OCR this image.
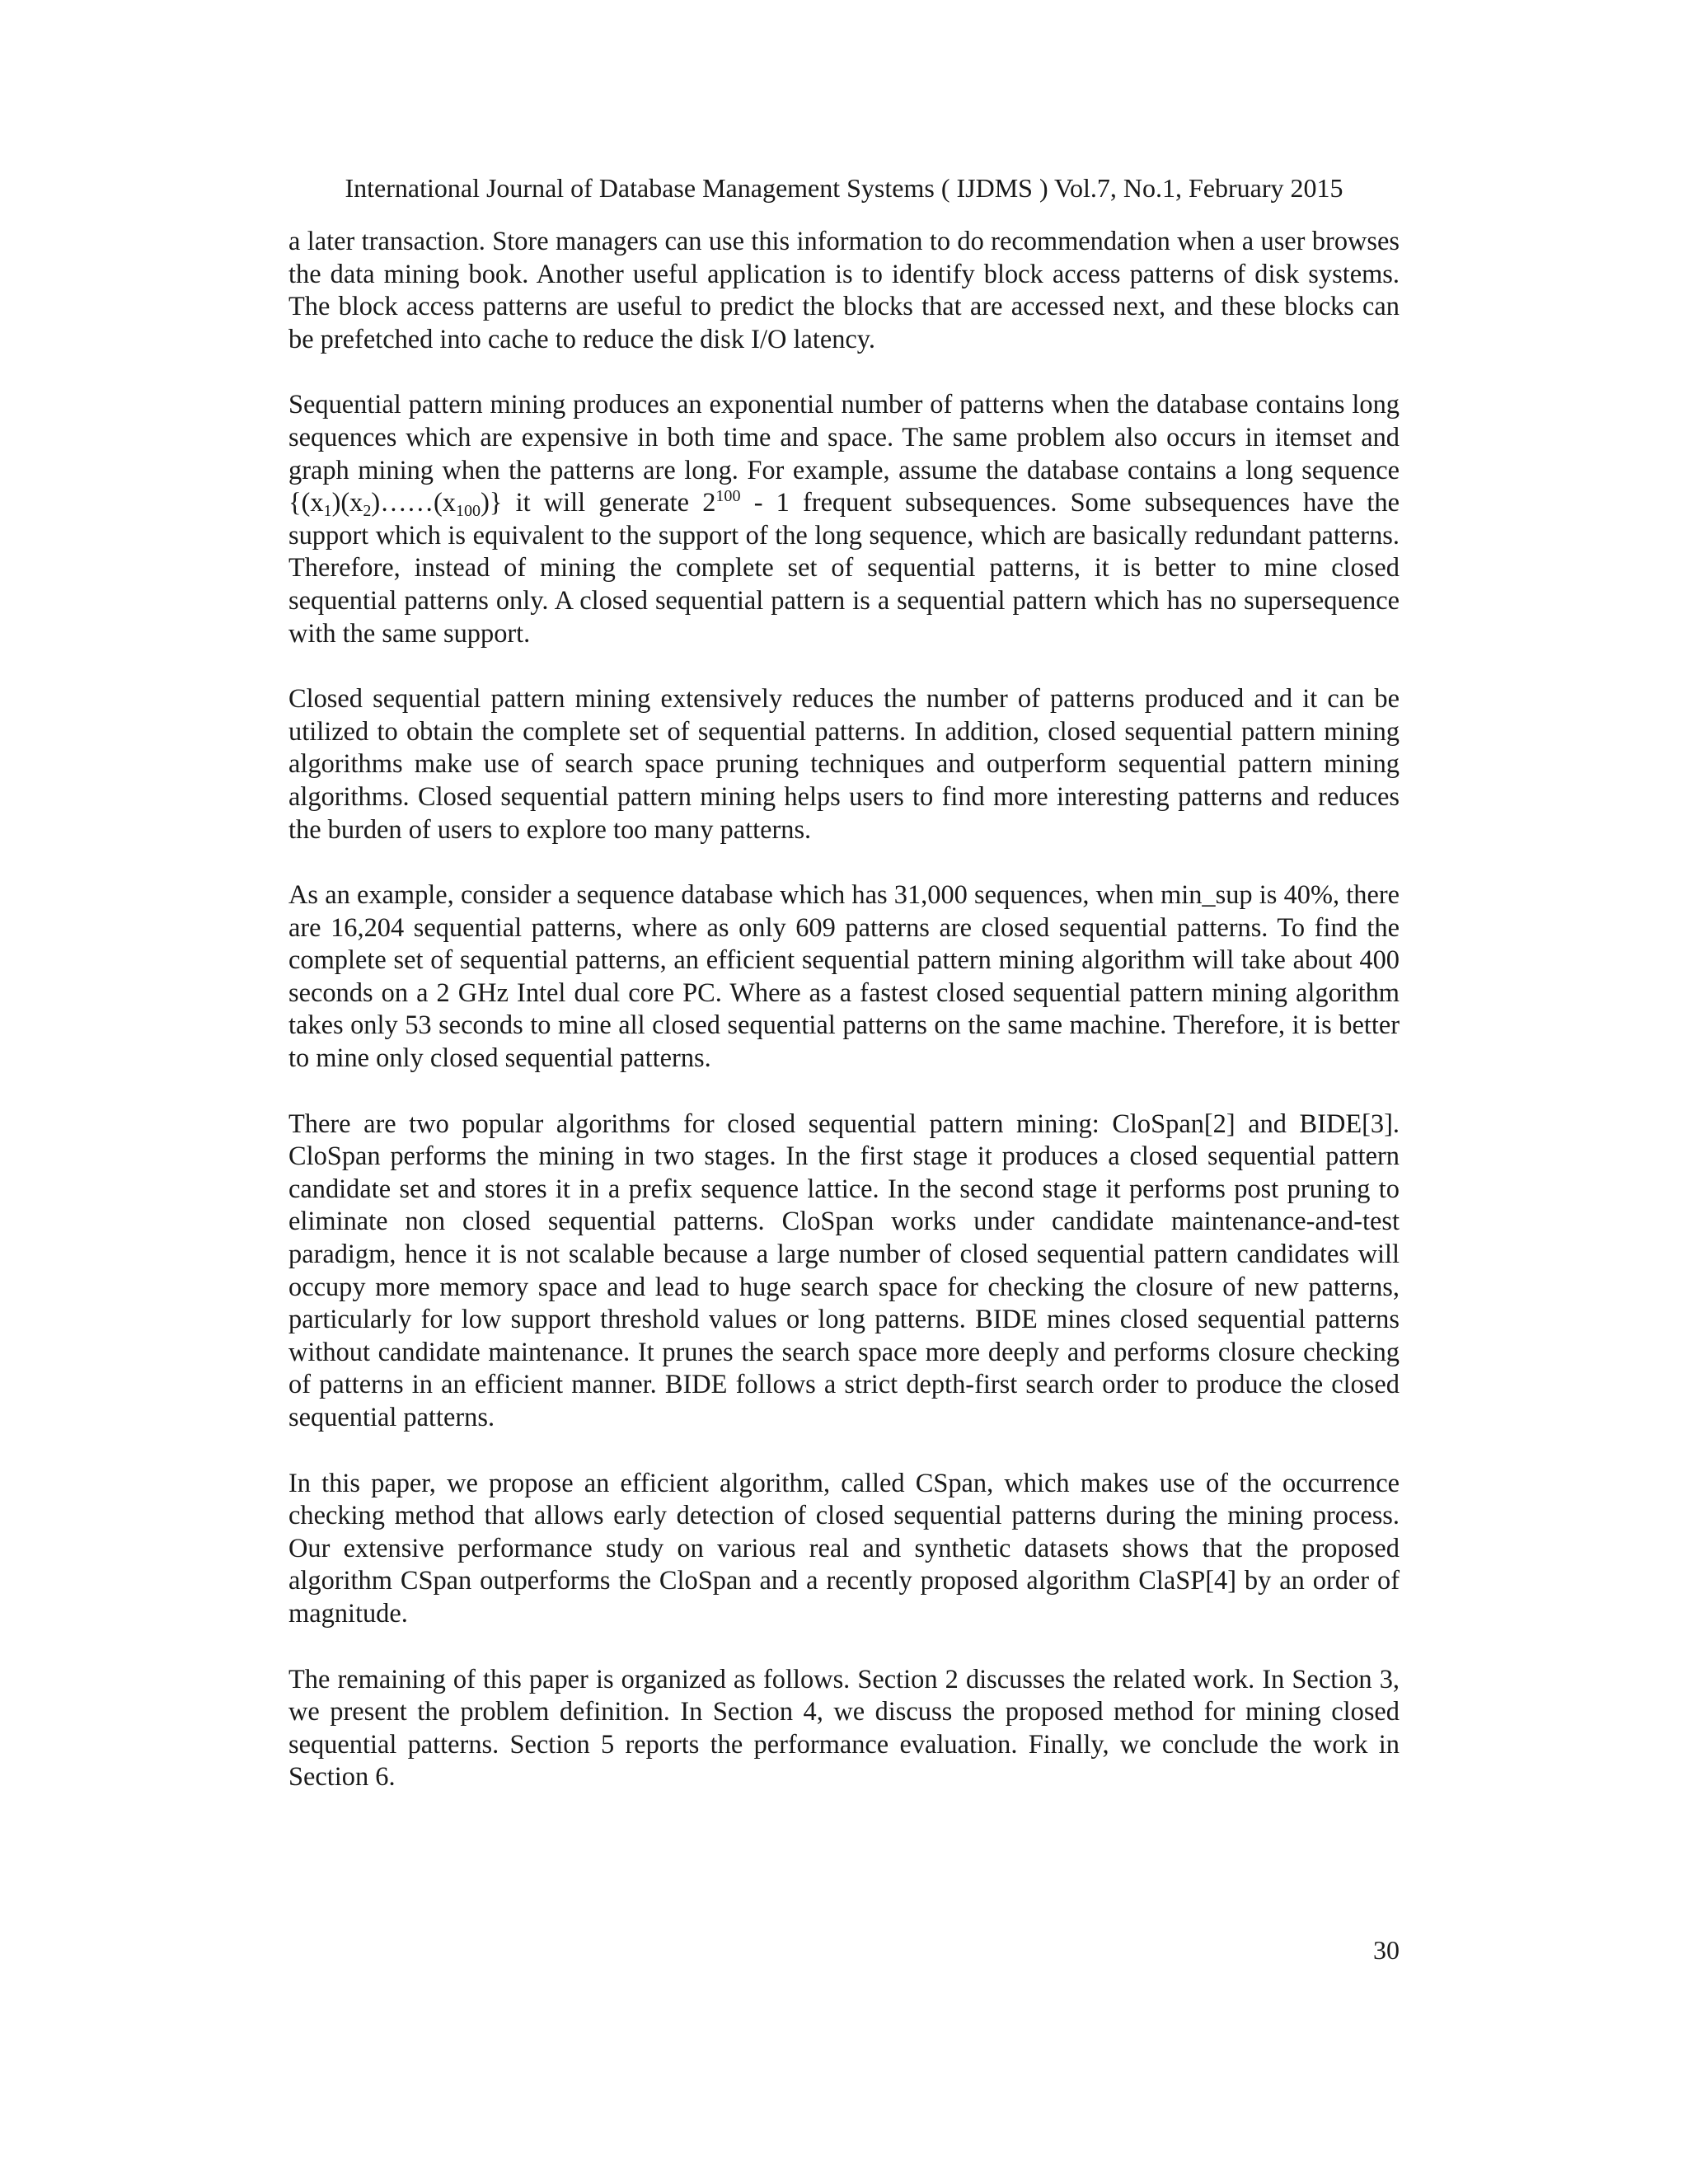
International Journal of Database Management Systems ( IJDMS ) Vol.7, No.1, February 2015

a later transaction. Store managers can use this information to do recommendation when a user browses the data mining book. Another useful application is to identify block access patterns of disk systems. The block access patterns are useful to predict the blocks that are accessed next, and these blocks can be prefetched into cache to reduce the disk I/O latency.

Sequential pattern mining produces an exponential number of patterns when the database contains long sequences which are expensive in both time and space. The same problem also occurs in itemset and graph mining when the patterns are long. For example, assume the database contains a long sequence $\{(x_1)(x_2)\dots\dots(x_{100})\}$ it will generate $2^{100} - 1$ frequent subsequences. Some subsequences have the support which is equivalent to the support of the long sequence, which are basically redundant patterns. Therefore, instead of mining the complete set of sequential patterns, it is better to mine closed sequential patterns only. A closed sequential pattern is a sequential pattern which has no supersequence with the same support.

Closed sequential pattern mining extensively reduces the number of patterns produced and it can be utilized to obtain the complete set of sequential patterns. In addition, closed sequential pattern mining algorithms make use of search space pruning techniques and outperform sequential pattern mining algorithms. Closed sequential pattern mining helps users to find more interesting patterns and reduces the burden of users to explore too many patterns.

As an example, consider a sequence database which has 31,000 sequences, when min_sup is 40%, there are 16,204 sequential patterns, where as only 609 patterns are closed sequential patterns. To find the complete set of sequential patterns, an efficient sequential pattern mining algorithm will take about 400 seconds on a 2 GHz Intel dual core PC. Where as a fastest closed sequential pattern mining algorithm takes only 53 seconds to mine all closed sequential patterns on the same machine. Therefore, it is better to mine only closed sequential patterns.

There are two popular algorithms for closed sequential pattern mining: CloSpan[2] and BIDE[3]. CloSpan performs the mining in two stages. In the first stage it produces a closed sequential pattern candidate set and stores it in a prefix sequence lattice. In the second stage it performs post pruning to eliminate non closed sequential patterns. CloSpan works under candidate maintenance-and-test paradigm, hence it is not scalable because a large number of closed sequential pattern candidates will occupy more memory space and lead to huge search space for checking the closure of new patterns, particularly for low support threshold values or long patterns. BIDE mines closed sequential patterns without candidate maintenance. It prunes the search space more deeply and performs closure checking of patterns in an efficient manner. BIDE follows a strict depth-first search order to produce the closed sequential patterns.

In this paper, we propose an efficient algorithm, called CSpan, which makes use of the occurrence checking method that allows early detection of closed sequential patterns during the mining process. Our extensive performance study on various real and synthetic datasets shows that the proposed algorithm CSpan outperforms the CloSpan and a recently proposed algorithm ClaSP[4] by an order of magnitude.

The remaining of this paper is organized as follows. Section 2 discusses the related work. In Section 3, we present the problem definition. In Section 4, we discuss the proposed method for mining closed sequential patterns. Section 5 reports the performance evaluation. Finally, we conclude the work in Section 6.

30
